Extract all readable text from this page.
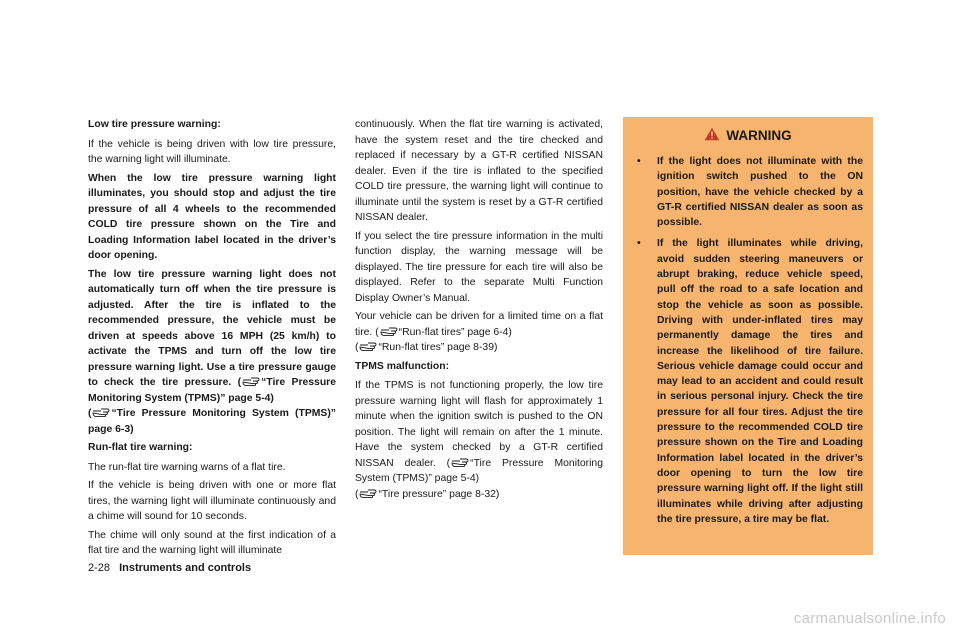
Low tire pressure warning:

If the vehicle is being driven with low tire pressure, the warning light will illuminate.

When the low tire pressure warning light illuminates, you should stop and adjust the tire pressure of all 4 wheels to the recommended COLD tire pressure shown on the Tire and Loading Information label located in the driver’s door opening.

The low tire pressure warning light does not automatically turn off when the tire pressure is adjusted. After the tire is inflated to the recommended pressure, the vehicle must be driven at speeds above 16 MPH (25 km/h) to activate the TPMS and turn off the low tire pressure warning light. Use a tire pressure gauge to check the tire pressure. ( “Tire Pressure Monitoring System (TPMS)” page 5-4)
( “Tire Pressure Monitoring System (TPMS)” page 6-3)

Run-flat tire warning:

The run-flat tire warning warns of a flat tire.

If the vehicle is being driven with one or more flat tires, the warning light will illuminate continuously and a chime will sound for 10 seconds.

The chime will only sound at the first indication of a flat tire and the warning light will illuminate

continuously. When the flat tire warning is activated, have the system reset and the tire checked and replaced if necessary by a GT-R certified NISSAN dealer. Even if the tire is inflated to the specified COLD tire pressure, the warning light will continue to illuminate until the system is reset by a GT-R certified NISSAN dealer.

If you select the tire pressure information in the multi function display, the warning message will be displayed. The tire pressure for each tire will also be displayed. Refer to the separate Multi Function Display Owner’s Manual.

Your vehicle can be driven for a limited time on a flat tire. ( “Run-flat tires” page 6-4)
( “Run-flat tires” page 8-39)

TPMS malfunction:

If the TPMS is not functioning properly, the low tire pressure warning light will flash for approximately 1 minute when the ignition switch is pushed to the ON position. The light will remain on after the 1 minute. Have the system checked by a GT-R certified NISSAN dealer. ( “Tire Pressure Monitoring System (TPMS)” page 5-4)
( “Tire pressure” page 8-32)

WARNING
• If the light does not illuminate with the ignition switch pushed to the ON position, have the vehicle checked by a GT-R certified NISSAN dealer as soon as possible.
• If the light illuminates while driving, avoid sudden steering maneuvers or abrupt braking, reduce vehicle speed, pull off the road to a safe location and stop the vehicle as soon as possible. Driving with under-inflated tires may permanently damage the tires and increase the likelihood of tire failure. Serious vehicle damage could occur and may lead to an accident and could result in serious personal injury. Check the tire pressure for all four tires. Adjust the tire pressure to the recommended COLD tire pressure shown on the Tire and Loading Information label located in the driver’s door opening to turn the low tire pressure warning light off. If the light still illuminates while driving after adjusting the tire pressure, a tire may be flat.
2-28 Instruments and controls
carmanualsonline.info
